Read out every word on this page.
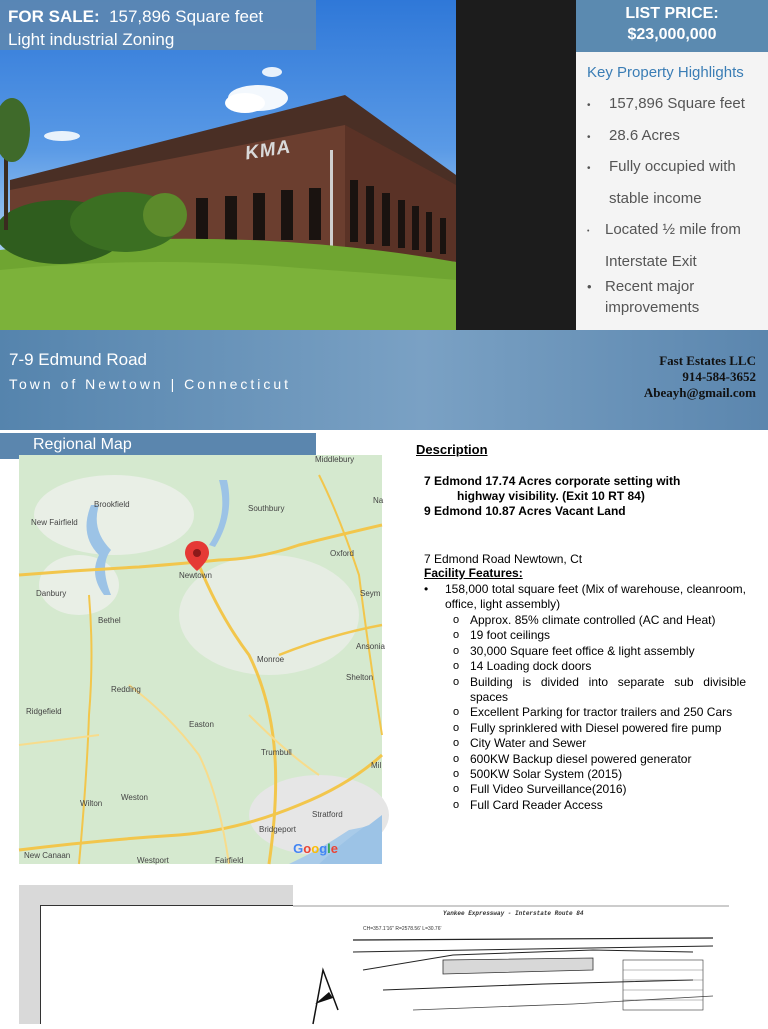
KMA
FOR SALE: 157,896 Square feet
Light industrial Zoning
LIST PRICE:
$23,000,000
Key Property Highlights
• 157,896 Square feet
• 28.6 Acres
• Fully occupied with
stable income
• Located ½ mile from
Interstate Exit
• Recent major
improvements
7-9 Edmund Road
Town of Newtown | Connecticut
Fast Estates LLC
914-584-3652
Abeayh@gmail.com
Regional Map
Middlebury
Brookfield
New Fairfield
Southbury
Oxford
Newtown
Danbury
Bethel
Monroe
Ansonia
Redding
Shelton
Ridgefield
Easton
Trumbull
Weston
Wilton
Bridgeport
Stratford
New Canaan
Westport	Fairfield
Seym
Mil
Na
Google
Description
7 Edmond 17.74 Acres corporate setting with
highway visibility. (Exit 10 RT 84)
9 Edmond 10.87 Acres Vacant Land
7 Edmond Road Newtown, Ct
Facility Features:
• 158,000 total square feet (Mix of warehouse, cleanroom, office, light assembly)
o Approx. 85% climate controlled (AC and Heat)
o 19 foot ceilings
o 30,000 Square feet office & light assembly
o 14 Loading dock doors
o Building is divided into separate sub divisible spaces
o Excellent Parking for tractor trailers and 250 Cars
o Fully sprinklered with Diesel powered fire pump
o City Water and Sewer
o 600KW Backup diesel powered generator
o 500KW Solar System (2015)
o Full Video Surveillance(2016)
o Full Card Reader Access
CH=357.1'16" R=2578.56' L=30.76'
Yankee Expressway - Interstate Route 84
